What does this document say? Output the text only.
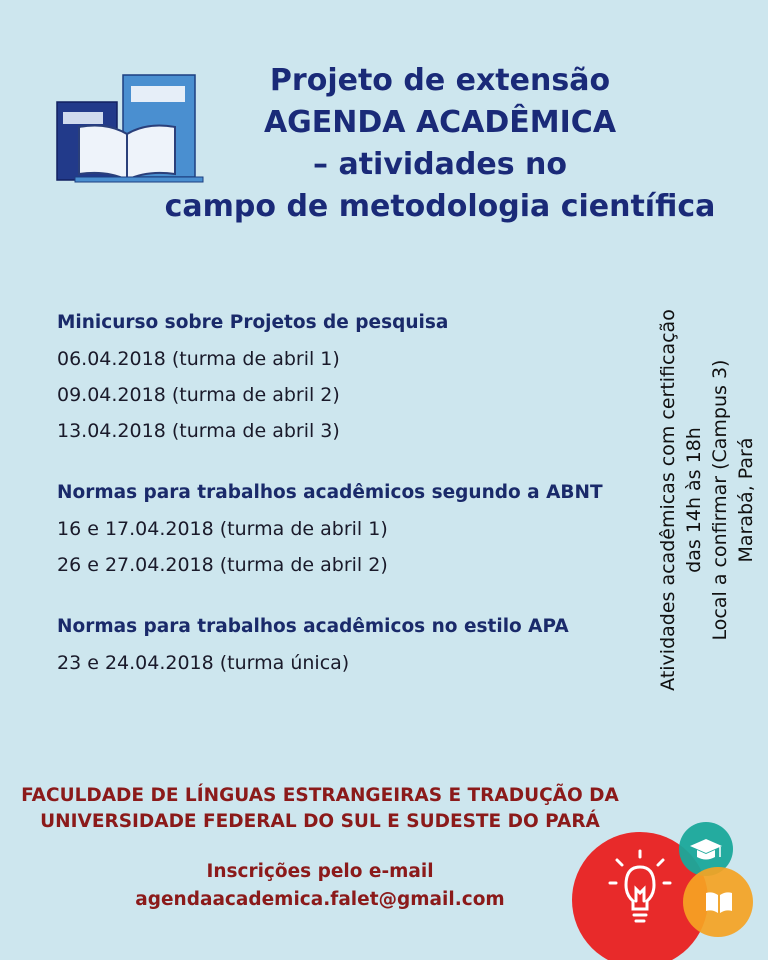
Projeto de extensão
AGENDA ACADÊMICA
– atividades no
campo de metodologia científica
Minicurso sobre Projetos de pesquisa
06.04.2018 (turma de abril 1)
09.04.2018 (turma de abril 2)
13.04.2018 (turma de abril 3)
Normas para trabalhos acadêmicos segundo a ABNT
16 e 17.04.2018 (turma de abril 1)
26 e 27.04.2018 (turma de abril 2)
Normas para trabalhos acadêmicos no estilo APA
23 e 24.04.2018 (turma única)	Atividades acadêmicas com certificação das 14h às 18h Local a confirmar (Campus 3) Marabá, Pará
FACULDADE DE LÍNGUAS ESTRANGEIRAS E TRADUÇÃO DA
UNIVERSIDADE FEDERAL DO SUL E SUDESTE DO PARÁ
Inscrições pelo e-mail
agendaacademica.falet@gmail.com
